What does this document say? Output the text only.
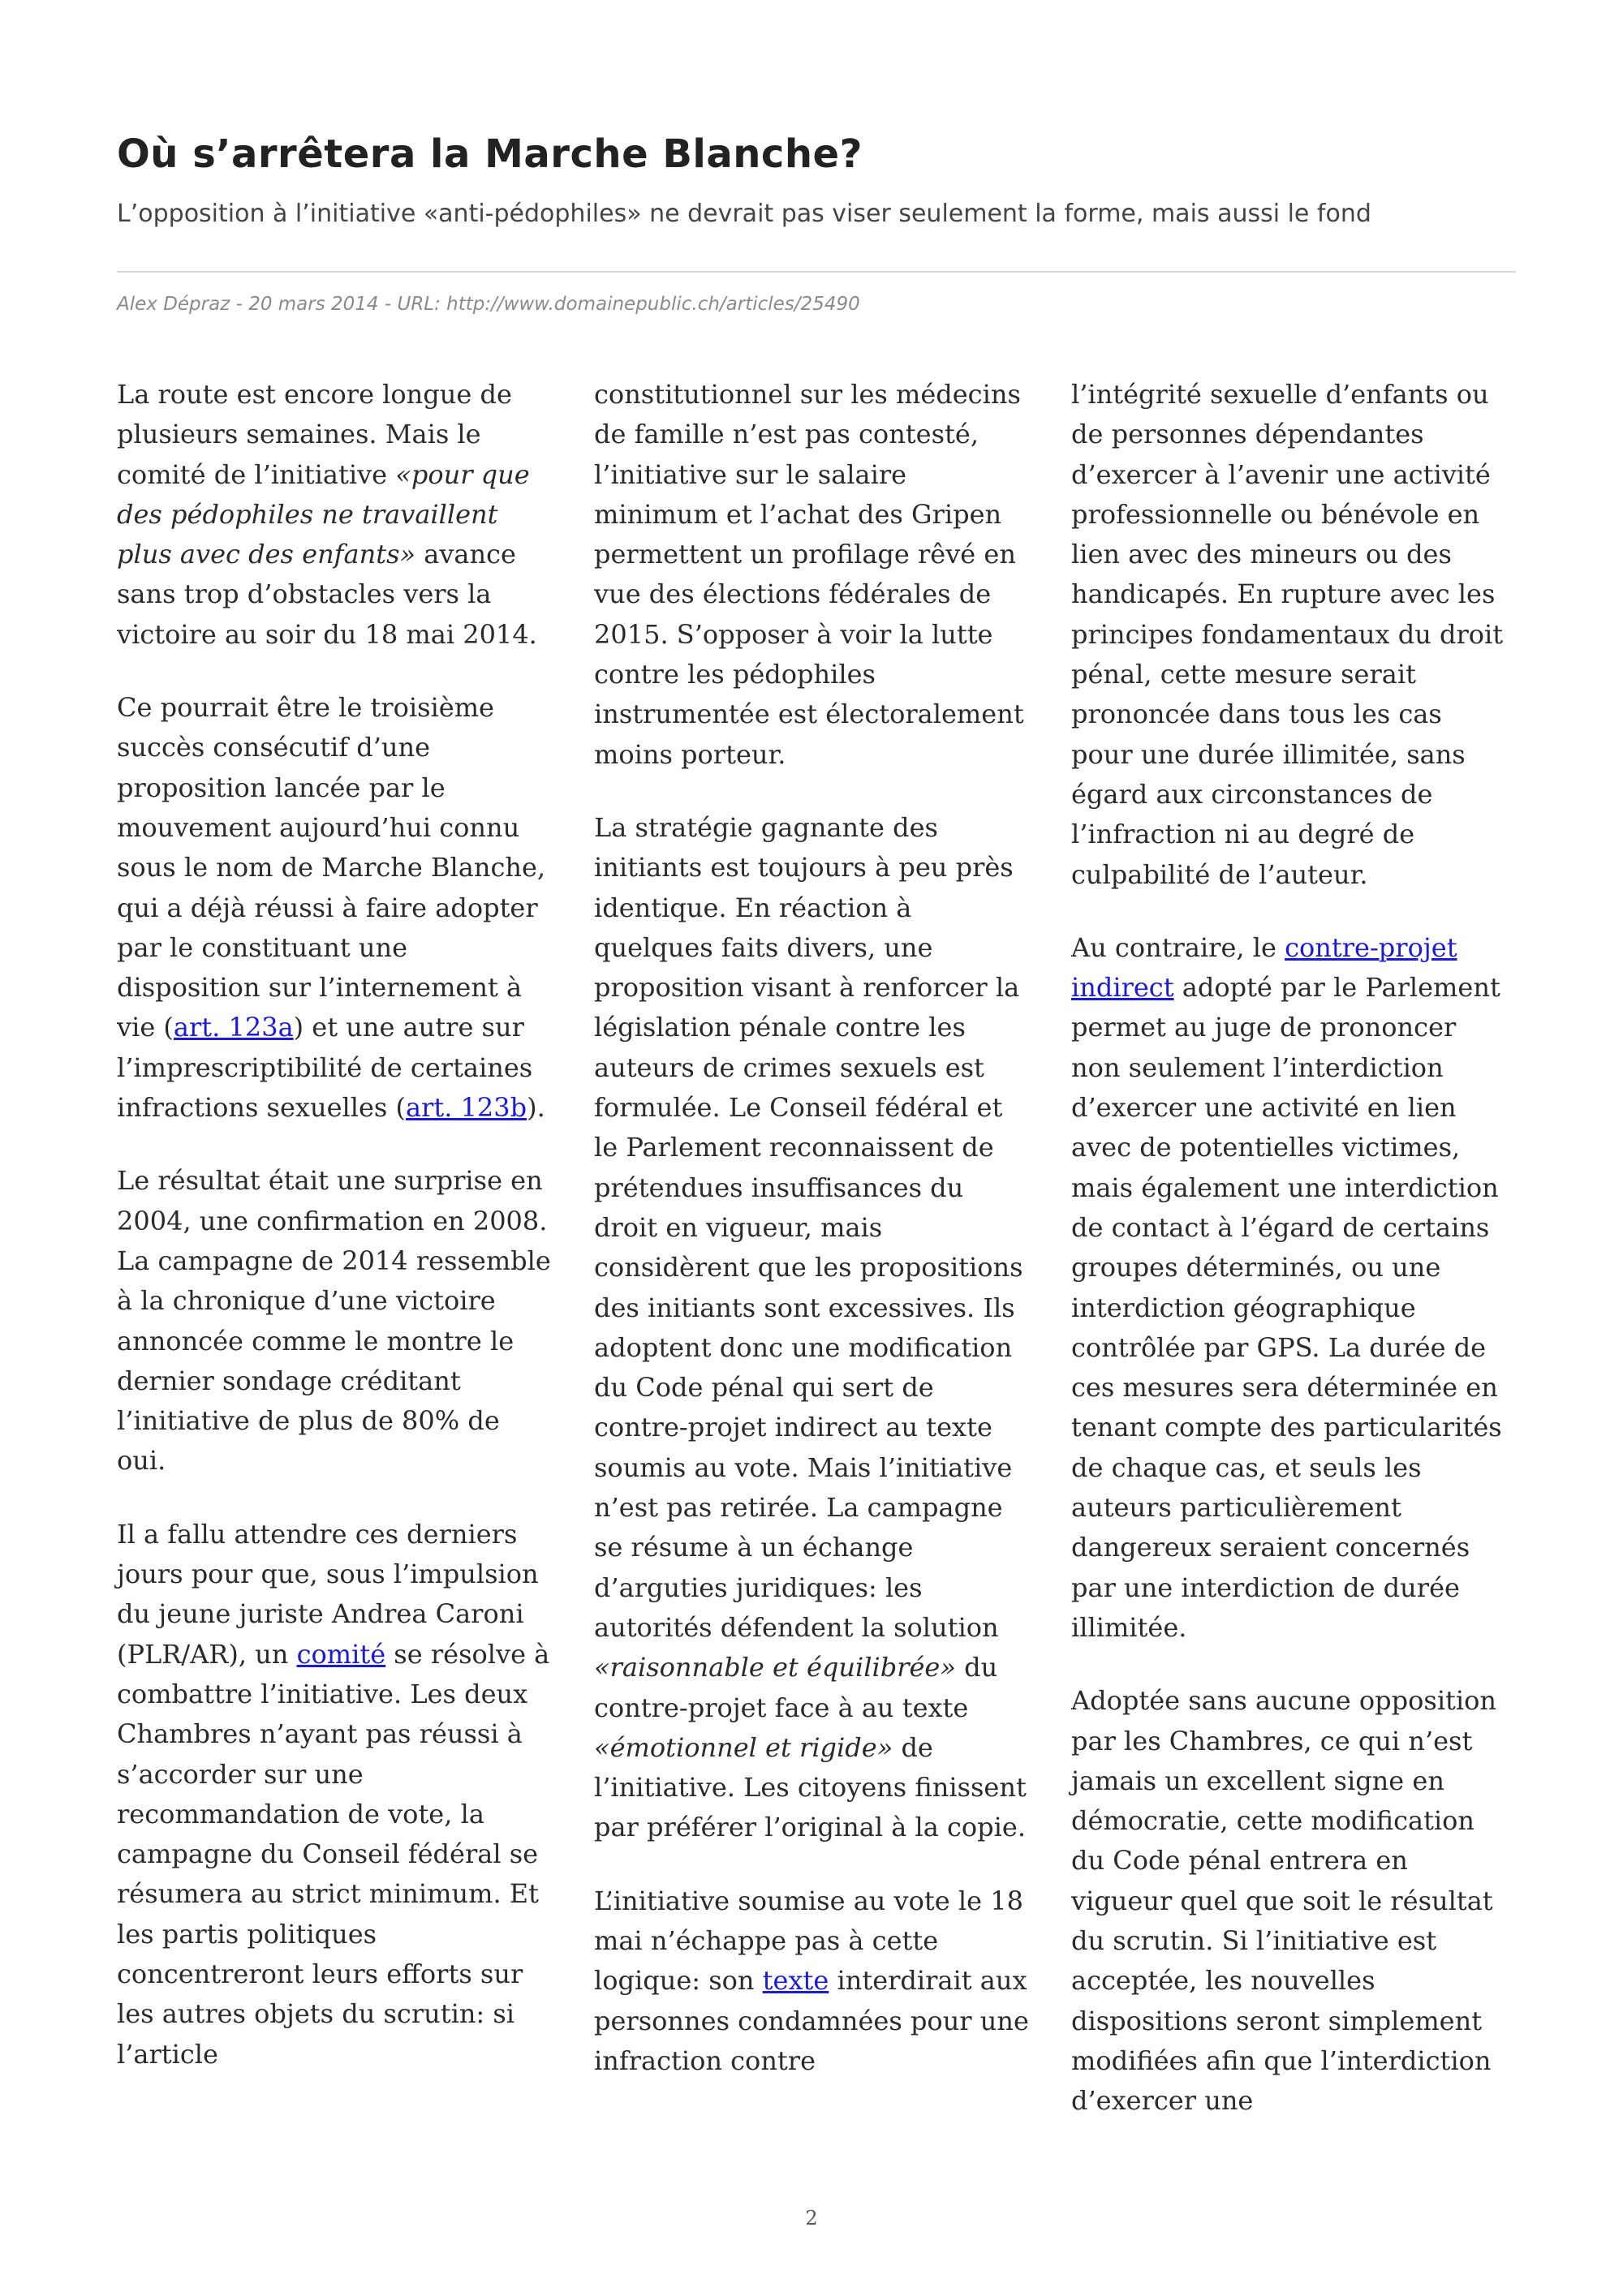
Où s’arrêtera la Marche Blanche?

L’opposition à l’initiative «anti-pédophiles» ne devrait pas viser seulement la forme, mais aussi le fond

Alex Dépraz - 20 mars 2014 - URL: http://www.domainepublic.ch/articles/25490

La route est encore longue de plusieurs semaines. Mais le comité de l’initiative «pour que des pédophiles ne travaillent plus avec des enfants» avance sans trop d’obstacles vers la victoire au soir du 18 mai 2014.

Ce pourrait être le troisième succès consécutif d’une proposition lancée par le mouvement aujourd’hui connu sous le nom de Marche Blanche, qui a déjà réussi à faire adopter par le constituant une disposition sur l’internement à vie (art. 123a) et une autre sur l’imprescriptibilité de certaines infractions sexuelles (art. 123b).

Le résultat était une surprise en 2004, une confirmation en 2008. La campagne de 2014 ressemble à la chronique d’une victoire annoncée comme le montre le dernier sondage créditant l’initiative de plus de 80% de oui.

Il a fallu attendre ces derniers jours pour que, sous l’impulsion du jeune juriste Andrea Caroni (PLR/AR), un comité se résolve à combattre l’initiative. Les deux Chambres n’ayant pas réussi à s’accorder sur une recommandation de vote, la campagne du Conseil fédéral se résumera au strict minimum. Et les partis politiques concentreront leurs efforts sur les autres objets du scrutin: si l’article

constitutionnel sur les médecins de famille n’est pas contesté, l’initiative sur le salaire minimum et l’achat des Gripen permettent un profilage rêvé en vue des élections fédérales de 2015. S’opposer à voir la lutte contre les pédophiles instrumentée est électoralement moins porteur.

La stratégie gagnante des initiants est toujours à peu près identique. En réaction à quelques faits divers, une proposition visant à renforcer la législation pénale contre les auteurs de crimes sexuels est formulée. Le Conseil fédéral et le Parlement reconnaissent de prétendues insuffisances du droit en vigueur, mais considèrent que les propositions des initiants sont excessives. Ils adoptent donc une modification du Code pénal qui sert de contre-projet indirect au texte soumis au vote. Mais l’initiative n’est pas retirée. La campagne se résume à un échange d’arguties juridiques: les autorités défendent la solution «raisonnable et équilibrée» du contre-projet face à au texte «émotionnel et rigide» de l’initiative. Les citoyens finissent par préférer l’original à la copie.

L’initiative soumise au vote le 18 mai n’échappe pas à cette logique: son texte interdirait aux personnes condamnées pour une infraction contre

l’intégrité sexuelle d’enfants ou de personnes dépendantes d’exercer à l’avenir une activité professionnelle ou bénévole en lien avec des mineurs ou des handicapés. En rupture avec les principes fondamentaux du droit pénal, cette mesure serait prononcée dans tous les cas pour une durée illimitée, sans égard aux circonstances de l’infraction ni au degré de culpabilité de l’auteur.

Au contraire, le contre-projet indirect adopté par le Parlement permet au juge de prononcer non seulement l’interdiction d’exercer une activité en lien avec de potentielles victimes, mais également une interdiction de contact à l’égard de certains groupes déterminés, ou une interdiction géographique contrôlée par GPS. La durée de ces mesures sera déterminée en tenant compte des particularités de chaque cas, et seuls les auteurs particulièrement dangereux seraient concernés par une interdiction de durée illimitée.

Adoptée sans aucune opposition par les Chambres, ce qui n’est jamais un excellent signe en démocratie, cette modification du Code pénal entrera en vigueur quel que soit le résultat du scrutin. Si l’initiative est acceptée, les nouvelles dispositions seront simplement modifiées afin que l’interdiction d’exercer une

2
